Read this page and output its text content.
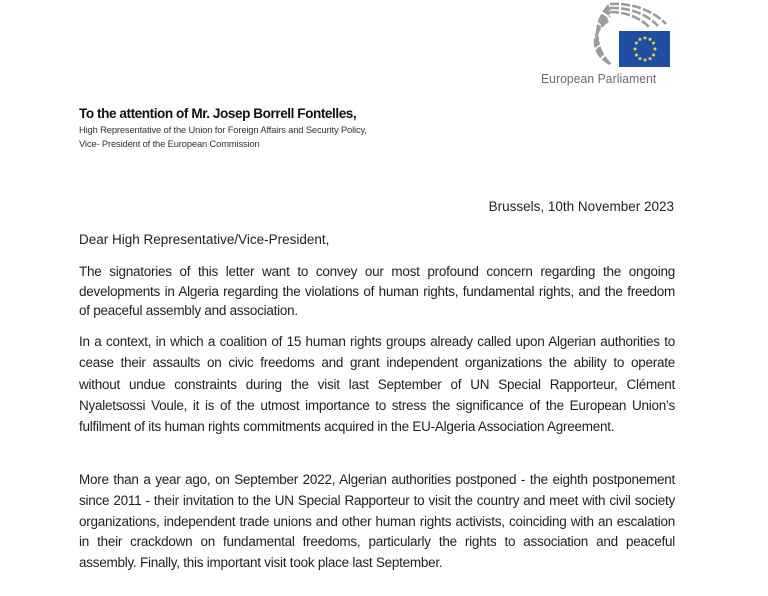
European Parliament
To the attention of Mr. Josep Borrell Fontelles,
High Representative of the Union for Foreign Affairs and Security Policy,
Vice- President of the European Commission
Brussels, 10th November 2023
Dear High Representative/Vice-President,
The signatories of this letter want to convey our most profound concern regarding the ongoing developments in Algeria regarding the violations of human rights, fundamental rights, and the freedom of peaceful assembly and association.
In a context, in which a coalition of 15 human rights groups already called upon Algerian authorities to cease their assaults on civic freedoms and grant independent organizations the ability to operate without undue constraints during the visit last September of UN Special Rapporteur, Clément Nyaletsossi Voule, it is of the utmost importance to stress the significance of the European Union’s fulfilment of its human rights commitments acquired in the EU-Algeria Association Agreement.
More than a year ago, on September 2022, Algerian authorities postponed - the eighth postponement since 2011 - their invitation to the UN Special Rapporteur to visit the country and meet with civil society organizations, independent trade unions and other human rights activists, coinciding with an escalation in their crackdown on fundamental freedoms, particularly the rights to association and peaceful assembly. Finally, this important visit took place last September.
